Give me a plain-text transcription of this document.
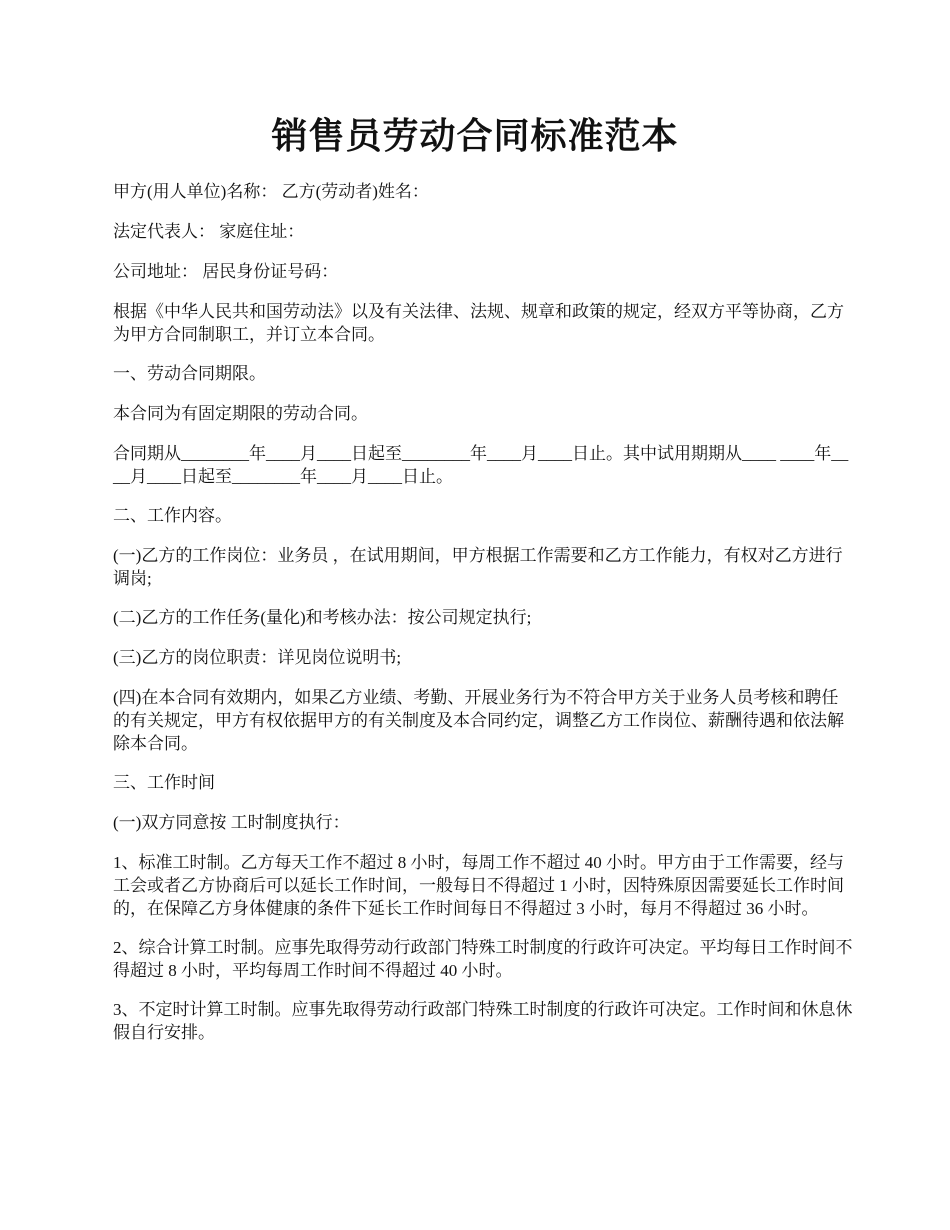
销售员劳动合同标准范本

甲方(用人单位)名称： 乙方(劳动者)姓名：

法定代表人： 家庭住址：

公司地址： 居民身份证号码：

根据《中华人民共和国劳动法》以及有关法律、法规、规章和政策的规定，经双方平等协商，乙方为甲方合同制职工，并订立本合同。

一、劳动合同期限。

本合同为有固定期限的劳动合同。

合同期从________年____月____日起至________年____月____日止。其中试用期期从____ ____年____月____日起至________年____月____日止。

二、工作内容。

(一)乙方的工作岗位：业务员 ，在试用期间，甲方根据工作需要和乙方工作能力，有权对乙方进行调岗;

(二)乙方的工作任务(量化)和考核办法：按公司规定执行;

(三)乙方的岗位职责：详见岗位说明书;

(四)在本合同有效期内，如果乙方业绩、考勤、开展业务行为不符合甲方关于业务人员考核和聘任的有关规定，甲方有权依据甲方的有关制度及本合同约定，调整乙方工作岗位、薪酬待遇和依法解除本合同。

三、工作时间

(一)双方同意按 工时制度执行：

1、标准工时制。乙方每天工作不超过 8 小时，每周工作不超过 40 小时。甲方由于工作需要，经与工会或者乙方协商后可以延长工作时间，一般每日不得超过 1 小时，因特殊原因需要延长工作时间的，在保障乙方身体健康的条件下延长工作时间每日不得超过 3 小时，每月不得超过 36 小时。

2、综合计算工时制。应事先取得劳动行政部门特殊工时制度的行政许可决定。平均每日工作时间不得超过 8 小时，平均每周工作时间不得超过 40 小时。

3、不定时计算工时制。应事先取得劳动行政部门特殊工时制度的行政许可决定。工作时间和休息休假自行安排。
